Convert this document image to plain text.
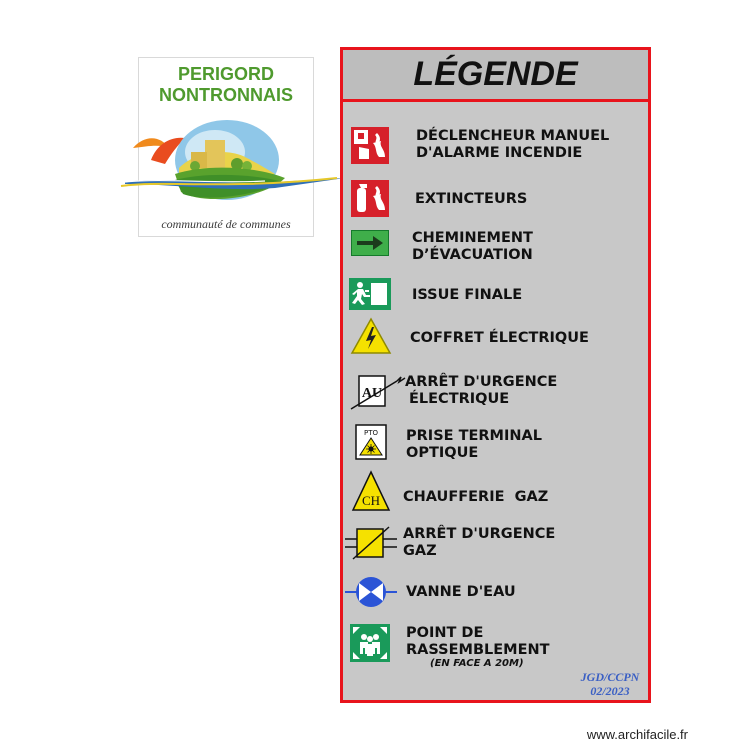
PERIGORD
NONTRONNAIS
communauté de communes
LÉGENDE
DÉCLENCHEUR MANUEL
D'ALARME INCENDIE
EXTINCTEURS
CHEMINEMENT
D’ÉVACUATION
ISSUE FINALE
COFFRET ÉLECTRIQUE
AU
ARRÊT D'URGENCE
ÉLECTRIQUE
PTO PRISE TERMINAL
OPTIQUE
CH CHAUFFERIE  GAZ
ARRÊT D'URGENCE
GAZ
VANNE D'EAU
POINT DE
RASSEMBLEMENT
(EN FACE A 20M)
JGD/CCPN
02/2023
www.archifacile.fr
